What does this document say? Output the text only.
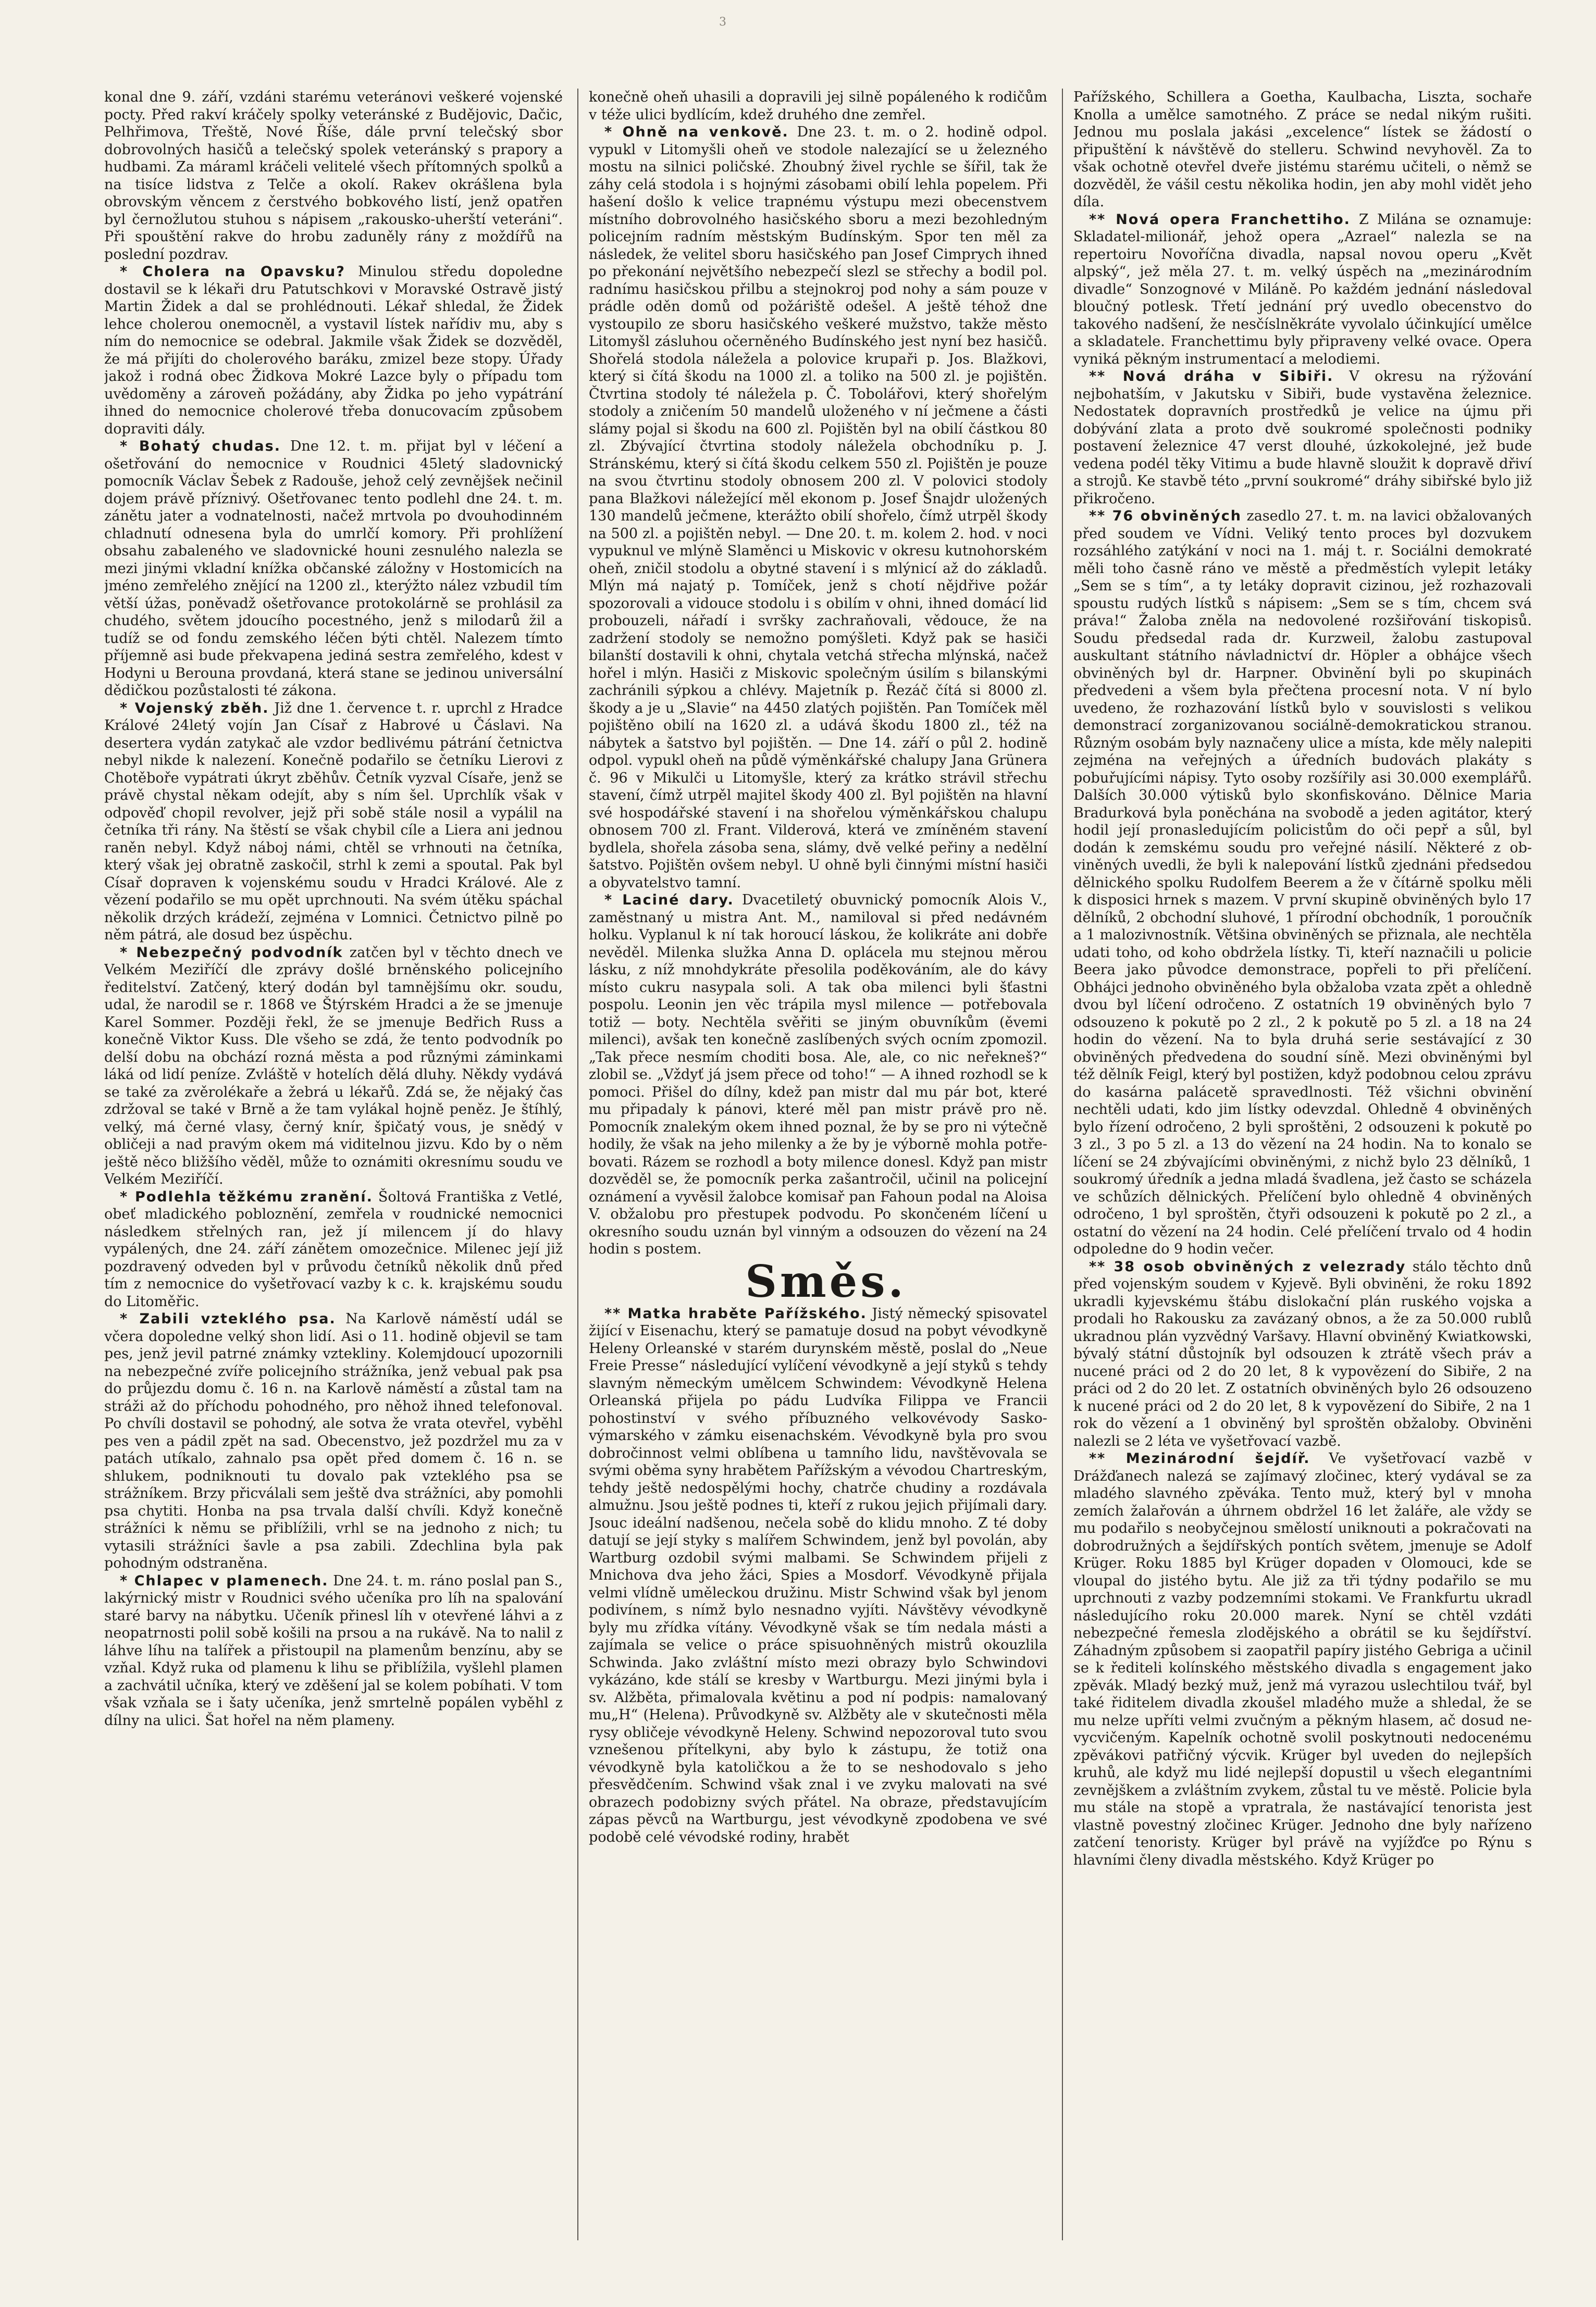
3

konal dne 9. září, vzdáni starému veteránovi veškeré vojenské pocty. Před rakví kráčely spolky veteránské z Budějovic, Dačic, Pelhřimova, Třeště, Nové Říše, dále první telečský sbor dobrovolných hasičů a telečský spolek veteránský s prapory a hudbami. Za máraml kráčeli velitelé všech přítomných spolků a na tisíce lidstva z Telče a okolí. Rakev okrášlena byla obrovským věncem z čerstvého bobkového listí, jenž opatřen byl černožlutou stuhou s nápisem „rakousko-uherští veteráni“. Při spouštění rakve do hrobu zaduněly rány z moždířů na poslední pozdrav.

* Cholera na Opavsku? Minulou středu dopoledne dostavil se k lékaři dru Patutschkovi v Moravské Ostravě jistý Martin Židek a dal se prohlédnouti. Lékař shledal, že Židek lehce cholerou onemocněl, a vystavil lístek nařídiv mu, aby s ním do nemocnice se odebral. Jakmile však Židek se dozvěděl, že má přijíti do cholerového baráku, zmizel beze stopy. Úřady jakož i rodná obec Židkova Mokré Lazce byly o případu tom uvědoměny a zároveň požádány, aby Židka po jeho vypátrání ihned do nemocnice cholerové třeba donucovacím způsobem dopraviti dály.

* Bohatý chudas. Dne 12. t. m. přijat byl v léčení a ošetřování do nemocnice v Roudnici 45letý sladovnický pomocník Václav Šebek z Radouše, jehož celý zevnějšek nečinil dojem právě příznivý. Ošetřovanec tento podlehl dne 24. t. m. zánětu jater a vodnatelnosti, načež mrtvola po dvouhodinném chladnutí odnesena byla do umrlčí komory. Při prohlížení obsahu zabaleného ve sladovnické houni zesnulého nalezla se mezi jinými vkladní knížka občanské záložny v Hostomicích na jméno zemřelého znějící na 1200 zl., kterýžto nález vzbudil tím větší úžas, poněvadž ošetřovance protokolárně se prohlásil za chudého, světem jdoucího pocestného, jenž s milodarů žil a tudíž se od fondu zemského léčen býti chtěl. Nalezem tímto příjemně asi bude překvapena jediná sestra zemřelého, kdest v Hodyni u Berouna provdaná, která stane se jedinou universální dědičkou pozůstalosti té zákona.

* Vojenský zběh. Již dne 1. července t. r. uprchl z Hradce Králové 24letý vojín Jan Císař z Habrové u Čáslavi. Na desertera vydán zatykač ale vzdor bedlivému pátrání četnictva nebyl nikde k nalezení. Konečně podařilo se četníku Lierovi z Chotěboře vypátrati úkryt zběhův. Četník vyzval Císaře, jenž se právě chystal někam odejít, aby s ním šel. Uprchlík však v odpověď chopil revolver, jejž při sobě stále nosil a vypálil na četníka tři rány. Na štěstí se však chybil cíle a Liera ani jednou raněn nebyl. Když náboj námi, chtěl se vrhnouti na četníka, který však jej obratně zaskočil, strhl k zemi a spoutal. Pak byl Císař dopraven k vojenskému soudu v Hradci Králové. Ale z vězení podařilo se mu opět uprchnouti. Na svém útěku spáchal několik drzých krádeží, zejména v Lomnici. Četnictvo pilně po něm pátrá, ale dosud bez úspěchu.

* Nebezpečný podvodník zatčen byl v těchto dnech ve Velkém Meziříčí dle zprávy došlé brněnského policejního ředitelství. Zatčený, který dodán byl tamnějšímu okr. soudu, udal, že narodil se r. 1868 ve Štýrském Hradci a že se jmenuje Karel Sommer. Později řekl, že se jmenuje Bedřich Russ a konečně Viktor Kuss. Dle všeho se zdá, že tento podvodník po delší dobu na obchází rozná města a pod různými záminkami láká od lidí peníze. Zvláště v hotelích dělá dluhy. Někdy vydává se také za zvěrolékaře a žebrá u lékařů. Zdá se, že nějaký čas zdržoval se také v Brně a že tam vylákal hojně peněz. Je štíhlý, velký, má černé vlasy, černý knír, špičatý vous, je snědý v obličeji a nad pravým okem má viditelnou jizvu. Kdo by o něm ještě něco bližšího věděl, může to oznámiti okresnímu soudu ve Velkém Meziříčí.

* Podlehla těžkému zranění. Šoltová Františka z Vetlé, obeť mladického pobloznění, zemřela v roudnické nemocnici následkem střelných ran, jež jí milencem jí do hlavy vypálených, dne 24. září zánětem omozečnice. Milenec její již pozdravený odveden byl v průvodu četníků několik dnů před tím z nemocnice do vyšetřovací vazby k c. k. krajskému soudu do Litoměřic.

* Zabili vzteklého psa. Na Karlově náměstí udál se včera dopoledne velký shon lidí. Asi o 11. hodině objevil se tam pes, jenž jevil patrné známky vzteklinу. Kolemjdoucí upozornili na nebezpečné zvíře policejního strážníka, jenž vebual pak psa do průjezdu domu č. 16 n. na Karlově náměstí a zůstal tam na stráži až do příchodu pohodného, pro něhož ihned telefonoval. Po chvíli dostavil se pohodný, ale sotva že vrata otevřel, vyběhl pes ven a pádil zpět na sad. Obecenstvo, jež pozdržel mu za v patách utíkalo, zahnalo psa opět před domem č. 16 n. se shlukem, podniknouti tu dovalo pak vzteklého psa se strážníkem. Brzy přicválali sem ještě dva strážníci, aby pomohli psa chytiti. Honba na psa trvala další chvíli. Když konečně strážníci k němu se přiblížili, vrhl se na jednoho z nich; tu vytasili strážníci šavle a psa zabili. Zdechlina byla pak pohodným odstraněna.

* Chlapec v plamenech. Dne 24. t. m. ráno poslal pan S., lakýrnický mistr v Roudnici svého učeníka pro líh na spalování staré barvy na nábytku. Učeník přinesl líh v otevřené láhvi a z neopatrnosti polil sobě košili na prsou a na rukávě. Na to nalil z láhve líhu na talířek a přistoupil na plamenům benzínu, aby se vzňal. Když ruka od plamenu k lihu se přiblížila, vyšlehl plamen a zachvátil učníka, který ve zděšení jal se kolem pobíhati. V tom však vzňala se i šaty učeníka, jenž smrtelně popálen vyběhl z dílny na ulici. Šat hořel na něm plameny.

konečně oheň uhasili a dopravili jej silně popáleného k rodičům v téže ulici bydlícím, kdež druhého dne zemřel.

* Ohně na venkově. Dne 23. t. m. o 2. hodině odpol. vypukl v Litomyšli oheň ve stodole nalezající se u železného mostu na silnici poličské. Zhoubný živel rychle se šířil, tak že záhy celá stodola i s hojnými zásobami obilí lehla popelem. Při hašení došlo k velice trapnému výstupu mezi obecenstvem místního dobrovolného hasičského sboru a mezi bezohledným policejním radním městským Budínským. Spor ten měl za následek, že velitel sboru hasičského pan Josef Cimprych ihned po překonání největšího nebezpečí slezl se střechy a bodil pol. radnímu hasičskou přilbu a stejnokroj pod nohy a sám pouze v prádle oděn domů od požáriště odešel. A ještě téhož dne vystoupilo ze sboru hasičského veškeré mužstvo, takže město Litomyšl zásluhou očerněného Budínského jest nyní bez hasičů. Shořelá stodola náležela a polovice krupaři p. Jos. Blažkovi, který si čítá škodu na 1000 zl. a toliko na 500 zl. je pojištěn. Čtvrtina stodoly té náležela p. Č. Tobolářovi, který shořelým stodoly a zničením 50 mandelů uloženého v ní ječmene a části slámy pojal si škodu na 600 zl. Pojištěn byl na obilí částkou 80 zl. Zbývající čtvrtina stodoly náležela obchodníku p. J. Stránskému, který si čítá škodu celkem 550 zl. Pojištěn je pouze na svou čtvrtinu stodoly obnosem 200 zl. V polovici stodoly pana Blažkovi náležející měl ekonom p. Josef Šnajdr uložených 130 mandelů ječmene, kterážto obilí shořelo, čímž utrpěl škody na 500 zl. a pojištěn nebyl. — Dne 20. t. m. kolem 2. hod. v noci vypuknul ve mlýně Slaměnci u Miskovic v okresu kutnohorském oheň, zničil stodolu a obytné stavení i s mlýnicí až do základů. Mlýn má najatý p. Tomíček, jenž s chotí nějdřive požár spozorovali a vidouce stodolu i s obilím v ohni, ihned domácí lid probouzeli, nářadí i svršky zachraňovali, vědouce, že na zadržení stodoly se nemožno pomýšleti. Když pak se hasiči bilanští dostavili k ohni, chytala vetchá střecha mlýnská, načež hořel i mlýn. Hasiči z Miskovic společným úsilím s bilanskými zachránili sýpkou a chlévy. Majetník p. Řezáč čítá si 8000 zl. škody a je u „Slavie“ na 4450 zlatých pojištěn. Pan Tomíček měl pojištěno obilí na 1620 zl. a udává škodu 1800 zl., též na nábytek a šatstvo byl pojištěn. — Dne 14. září o půl 2. hodině odpol. vypukl oheň na půdě výměnkářské chalupy Jana Grünera č. 96 v Mikulči u Litomyšle, který za krátko strávil střechu stavení, čímž utrpěl majitel škody 400 zl. Byl pojištěn na hlavní své hospodářské stavení i na shořelou výměnkářskou chalupu obnosem 700 zl. Frant. Vilderová, která ve zmíněném stavení bydlela, shořela zásoba sena, slámy, dvě velké peřiny a nedělní šatstvo. Pojištěn ovšem nebyl. U ohně byli činnými místní hasiči a obyvatelstvo tamní.

* Laciné dary. Dvacetiletý obuvnický pomocník Alois V., zaměstnaný u mistra Ant. M., namiloval si před nedávném holku. Vyplanul k ní tak horoucí láskou, že kolikráte ani dobře nevěděl. Milenka služka Anna D. oplácela mu stejnou měrou lásku, z níž mnohdykráte přesolila poděkováním, ale do kávy místo cukru nasypala soli. A tak oba milenci byli šťastni pospolu. Leonin jen věc trápila mysl milence — potřebovala totiž — boty. Nechtěla svěřiti se jiným obuvníkům (ěvemi milenci), avšak ten konečně zaslíbených svých ocním zpomozil. „Tak přece nesmím choditi bosa. Ale, ale, co nic neřekneš?“ zlobil se. „Vždyť já jsem přece od toho!“ — A ihned rozhodl se k pomoci. Přišel do dílny, kdež pan mistr dal mu pár bot, které mu připadaly k pánovi, které měl pan mistr právě pro ně. Pomocník znalekým okem ihned poznal, že by se pro ni výtečně hodily, že však na jeho milenky a že by je výborně mohla potřebovati. Rázem se rozhodl a boty milence donesl. Když pan mistr dozvěděl se, že pomocník perka zašantročil, učinil na policejní oznámení a vyvěsil žalobce komisař pan Fahoun podal na Aloisa V. obžalobu pro přestupek podvodu. Po skončeném líčení u okresního soudu uznán byl vinným a odsouzen do vězení na 24 hodin s postem.

Směs.

** Matka hraběte Pařížského. Jistý německý spisovatel žijící v Eisenachu, který se pamatuje dosud na pobyt vévodkyně Heleny Orleanské v starém durynském městě, poslal do „Neue Freie Presse“ následující vylíčení vévodkyně a její styků s tehdy slavným německým umělcem Schwindem: Vévodkyně Helena Orleanská přijela po pádu Ludvíka Filippa ve Francii pohostinství v svého příbuzného velkovévody Sasko-výmarského v zámku eisenachském. Vévodkyně byla pro svou dobročinnost velmi oblíbena u tamního lidu, navštěvovala se svými oběma syny hrabětem Pařížským a vévodou Chartreským, tehdy ještě nedospělými hochy, chatrče chudiny a rozdávala almužnu. Jsou ještě podnes ti, kteří z rukou jejich přijímali dary. Jsouc ideální nadšenou, nečela sobě do klidu mnoho. Z té doby datují se její styky s malířem Schwindem, jenž byl povolán, aby Wartburg ozdobil svými malbami. Se Schwindem přijeli z Mnichova dva jeho žáci, Spies a Mosdorf. Vévodkyně přijala velmi vlídně uměleckou družinu. Mistr Schwind však byl jenom podivínem, s nímž bylo nesnadno vyjíti. Návštěvy vévodkyně byly mu zřídka vítány. Vévodkyně však se tím nedala másti a zajímala se velice o práce spisuohněných mistrů okouzlila Schwinda. Jako zvláštní místo mezi obrazy bylo Schwindovi vykázáno, kde stálí se kresby v Wartburgu. Mezi jinými byla i sv. Alžběta, přimalovala květinu a pod ní podpis: namalovaný mu„H“ (Helena). Průvodkyně sv. Alžběty ale v skutečnosti měla rysy obličeje vévodkyně Heleny. Schwind nepozoroval tuto svou vznešenou přítelkyni, aby bylo k zástupu, že totiž ona vévodkyně byla katoličkou a že to se neshodovalo s jeho přesvědčením. Schwind však znal i ve zvyku malovati na své obrazech podobizny svých přátel. Na obraze, představujícím zápas pěvců na Wartburgu, jest vévodkyně zpodobena ve své podobě celé vévodské rodiny, hrabět

Pařížského, Schillera a Goetha, Kaulbacha, Liszta, sochaře Knolla a umělce samotného. Z práce se nedal nikým rušiti. Jednou mu poslala jakási „excelence“ lístek se žádostí o připuštění k návštěvě do stelleru. Schwind nevyhověl. Za to však ochotně otevřel dveře jistému starému učiteli, o němž se dozvěděl, že vášil cestu několika hodin, jen aby mohl vidět jeho díla.

** Nová opera Franchettiho. Z Milána se oznamuje: Skladatel-milionář, jehož opera „Azrael“ nalezla se na repertoiru Novoříčna divadla, napsal novou operu „Květ alpský“, jež měla 27. t. m. velký úspěch na „mezinárodním divadle“ Sonzognové v Miláně. Po každém jednání následoval bloučný potlesk. Třetí jednání prý uvedlo obecenstvo do takového nadšení, že nesčíslněkráte vyvolalo účinkující umělce a skladatele. Franchettimu byly připraveny velké ovace. Opera vyniká pěkným instrumentací a melodiemi.

** Nová dráha v Sibiři. V okresu na rýžování nejbohatším, v Jakutsku v Sibiři, bude vystavěna železnice. Nedostatek dopravních prostředků je velice na újmu při dobývání zlata a proto dvě soukromé společnosti podniky postavení železnice 47 verst dlouhé, úzkokolejné, jež bude vedena podél těky Vitimu a bude hlavně sloužit k dopravě dřiví a strojů. Ke stavbě této „první soukromé“ dráhy sibiřské bylo již přikročeno.

** 76 obviněných zasedlo 27. t. m. na lavici obžalovaných před soudem ve Vídni. Veliký tento proces byl dozvukem rozsáhlého zatýkání v noci na 1. máj t. r. Sociálni demokraté měli toho časně ráno ve městě a předměstích vylepit letáky „Sem se s tím“, a ty letáky dopravit cizinou, jež rozhazovali spoustu rudých lístků s nápisem: „Sem se s tím, chcem svá práva!“ Žaloba zněla na nedovolené rozšiřování tiskopisů. Soudu předsedal rada dr. Kurzweil, žalobu zastupoval auskultant státního návladnictví dr. Höpler a obhájce všech obviněných byl dr. Harpner. Obvinění byli po skupinách předvedeni a všem byla přečtena procesní nota. V ní bylo uvedeno, že rozhazování lístků bylo v souvislosti s velikou demonstrací zorganizovanou sociálně-demokratickou stranou. Různým osobám byly naznačeny ulice a místa, kde měly nalepiti zejména na veřejných a úředních budovách plakáty s pobuřujícími nápisy. Tyto osoby rozšířily asi 30.000 exemplářů. Dalších 30.000 výtisků bylo skonfiskováno. Dělnice Maria Bradurková byla poněchána na svobodě a jeden agitátor, který hodil její pronasledujícím policistům do oči pepř a sůl, byl dodán k zemskému soudu pro veřejné násilí. Některé z obviněných uvedli, že byli k nalepování lístků zjednáni předsedou dělnického spolku Rudolfem Beerem a že v čítárně spolku měli k disposici hrnek s mazem. V první skupině obviněných bylo 17 dělníků, 2 obchodní sluhové, 1 přírodní obchodník, 1 poroučník a 1 malozivnostník. Většina obviněných se přiznala, ale nechtěla udati toho, od koho obdržela lístky. Ti, kteří naznačili u policie Beera jako původce demonstrace, popřeli to při přelíčení. Obhájci jednoho obviněného byla obžaloba vzata zpět a ohledně dvou byl líčení odročeno. Z ostatních 19 obviněných bylo 7 odsouzeno k pokutě po 2 zl., 2 k pokutě po 5 zl. a 18 na 24 hodin do vězení. Na to byla druhá serie sestávající z 30 obviněných předvedena do soudní síně. Mezi obviněnými byl též dělník Feigl, který byl postižen, když podobnou celou zprávu do kasárna palácetě spravedlnosti. Též všichni obvinění nechtěli udati, kdo jim lístky odevzdal. Ohledně 4 obviněných bylo řízení odročeno, 2 byli sproštěni, 2 odsouzeni k pokutě po 3 zl., 3 po 5 zl. a 13 do vězení na 24 hodin. Na to konalo se líčení se 24 zbývajícími obviněnými, z nichž bylo 23 dělníků, 1 soukromý úředník a jedna mladá švadlena, jež často se scházela ve schůzích dělnických. Přelíčení bylo ohledně 4 obviněných odročeno, 1 byl sproštěn, čtyři odsouzeni k pokutě po 2 zl., a ostatní do vězení na 24 hodin. Celé přelíčení trvalo od 4 hodin odpoledne do 9 hodin večer.

** 38 osob obviněných z velezrady stálo těchto dnů před vojenským soudem v Kyjevě. Byli obviněni, že roku 1892 ukradli kyjevskému štábu dislokační plán ruského vojska a prodali ho Rakousku za zavázaný obnos, a že za 50.000 rublů ukradnou plán vyzvědný Varšavy. Hlavní obviněný Kwiatkowski, bývalý státní důstojník byl odsouzen k ztrátě všech práv a nucené práci od 2 do 20 let, 8 k vypovězení do Sibiře, 2 na práci od 2 do 20 let. Z ostatních obviněných bylo 26 odsouzeno k nucené práci od 2 do 20 let, 8 k vypovězení do Sibiře, 2 na 1 rok do vězení a 1 obviněný byl sproštěn obžaloby. Obviněni nalezli se 2 léta ve vyšetřovací vazbě.

** Mezinárodní šejdíř. Ve vyšetřovací vazbě v Drážďanech nalezá se zajímavý zločinec, který vydával se za mladého slavného zpěváka. Tento muž, který byl v mnoha zemích žalařován a úhrnem obdržel 16 let žaláře, ale vždy se mu podařilo s neobyčejnou smělostí uniknouti a pokračovati na dobrodružných a šejdířských pontích světem, jmenuje se Adolf Krüger. Roku 1885 byl Krüger dopaden v Olomouci, kde se vloupal do jistého bytu. Ale již za tři týdny podařilo se mu uprchnouti z vazby podzemními stokami. Ve Frankfurtu ukradl následujícího roku 20.000 marek. Nyní se chtěl vzdáti nebezpečné řemesla zlodějského a obrátil se ku šejdířství. Záhadným způsobem si zaopatřil papíry jistého Gebriga a učinil se k řediteli kolínského městského divadla s engagement jako zpěvák. Mladý bezký muž, jenž má vyrazou uslechtilou tvář, byl také řiditelem divadla zkoušel mladého muže a shledal, že se mu nelze upříti velmi zvučným a pěkným hlasem, ač dosud nevycvičeným. Kapelník ochotně svolil poskytnouti nedocenému zpěvákovi patřičný výcvik. Krüger byl uveden do nejlepších kruhů, ale když mu lidé nejlepší dopustil u všech elegantními zevnějškem a zvláštním zvykem, zůstal tu ve městě. Policie byla mu stále na stopě a vpratrala, že nastávající tenorista jest vlastně povestný zločinec Krüger. Jednoho dne byly nařízeno zatčení tenoristy. Krüger byl právě na vyjížďce po Rýnu s hlavními členy divadla městského. Když Krüger po
